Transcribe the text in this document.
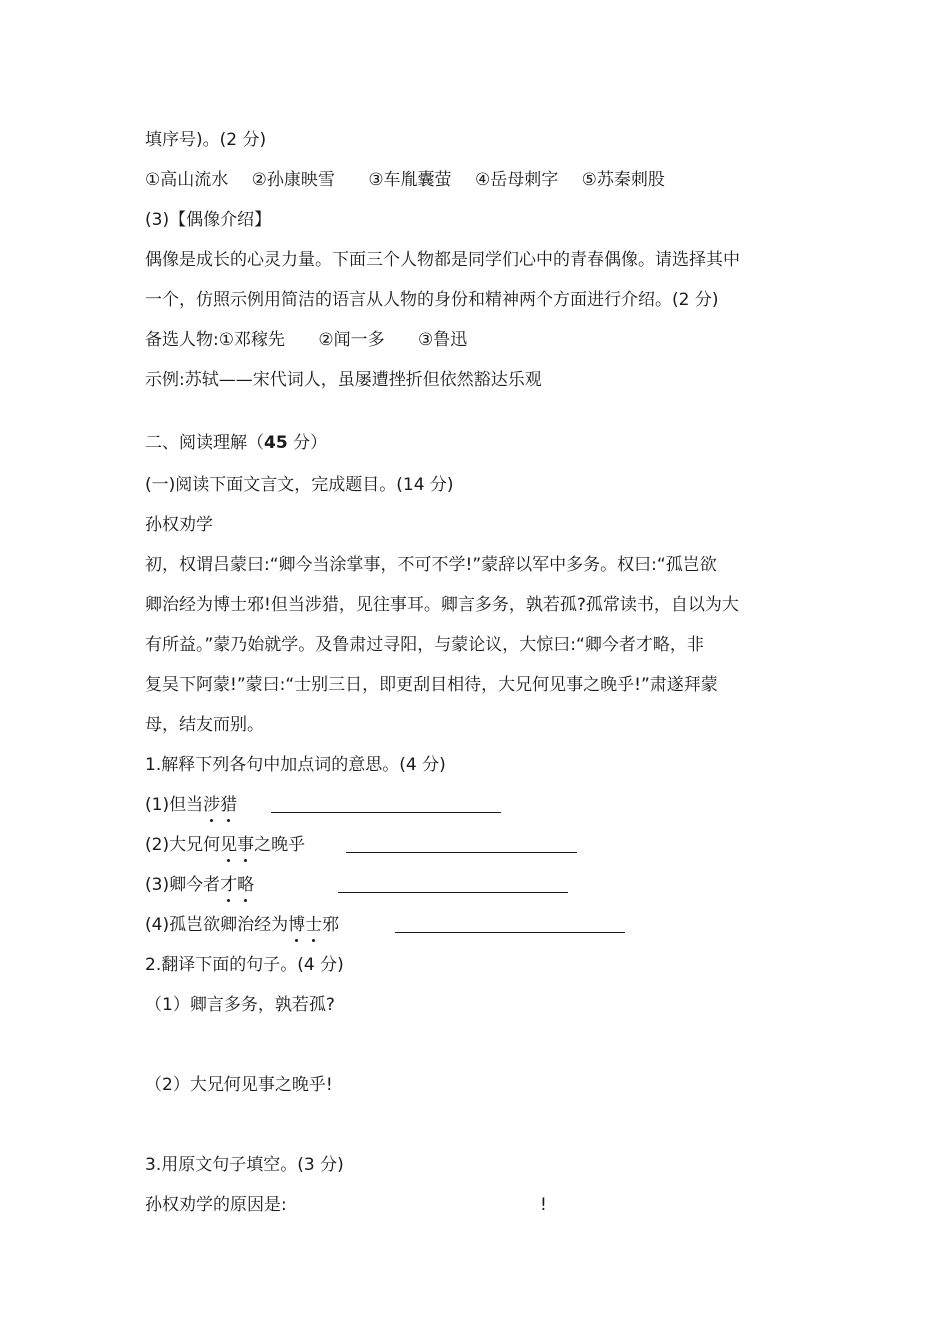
填序号)。(2 分)
①高山流水 ②孙康映雪 ③车胤囊萤 ④岳母刺字 ⑤苏秦刺股
(3)【偶像介绍】
偶像是成长的心灵力量。下面三个人物都是同学们心中的青春偶像。请选择其中
一个，仿照示例用简洁的语言从人物的身份和精神两个方面进行介绍。(2 分)
备选人物:①邓稼先 ②闻一多 ③鲁迅
示例:苏轼——宋代词人，虽屡遭挫折但依然豁达乐观
二、阅读理解（45 分）
(一)阅读下面文言文，完成题目。(14 分)
孙权劝学
初，权谓吕蒙曰:“卿今当涂掌事，不可不学!”蒙辞以军中多务。权曰:“孤岂欲
卿治经为博士邪!但当涉猎，见往事耳。卿言多务，孰若孤?孤常读书，自以为大
有所益。”蒙乃始就学。及鲁肃过寻阳，与蒙论议，大惊曰:“卿今者才略，非
复吴下阿蒙!”蒙曰:“士别三日，即更刮目相待，大兄何见事之晚乎!”肃遂拜蒙
母，结友而别。
1.解释下列各句中加点词的意思。(4 分)
(1)但当涉猎
(2)大兄何见事之晚乎
(3)卿今者才略
(4)孤岂欲卿治经为博士邪
2.翻译下面的句子。(4 分)
（1）卿言多务，孰若孤?
（2）大兄何见事之晚乎!
3.用原文句子填空。(3 分)
孙权劝学的原因是:	!
